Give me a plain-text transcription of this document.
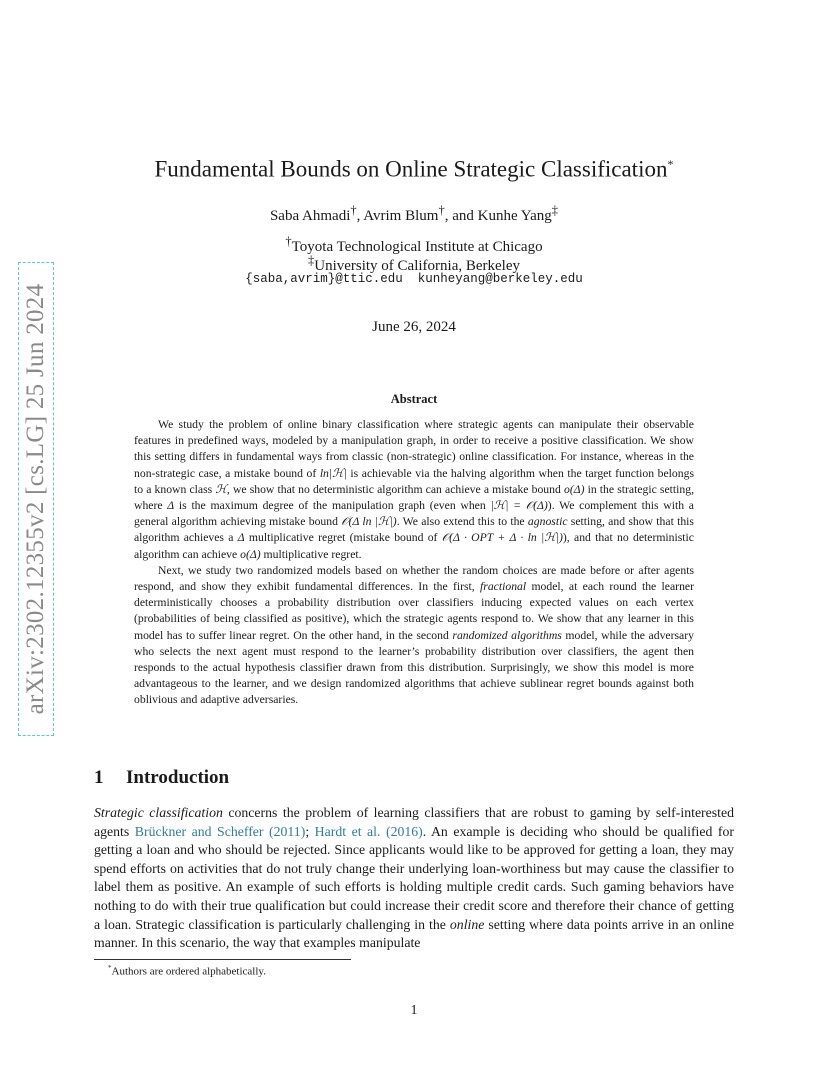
arXiv:2302.12355v2 [cs.LG] 25 Jun 2024
Fundamental Bounds on Online Strategic Classification*
Saba Ahmadi†, Avrim Blum†, and Kunhe Yang‡
†Toyota Technological Institute at Chicago
‡University of California, Berkeley
{saba,avrim}@ttic.edu  kunheyang@berkeley.edu
June 26, 2024
Abstract

We study the problem of online binary classification where strategic agents can manipulate their observable features in predefined ways, modeled by a manipulation graph, in order to receive a positive classification. We show this setting differs in fundamental ways from classic (non-strategic) online classification. For instance, whereas in the non-strategic case, a mistake bound of ln|ℋ| is achievable via the halving algorithm when the target function belongs to a known class ℋ, we show that no deterministic algorithm can achieve a mistake bound o(Δ) in the strategic setting, where Δ is the maximum degree of the manipulation graph (even when |ℋ| = 𝒪(Δ)). We complement this with a general algorithm achieving mistake bound 𝒪(Δ ln |ℋ|). We also extend this to the agnostic setting, and show that this algorithm achieves a Δ multiplicative regret (mistake bound of 𝒪(Δ · OPT + Δ · ln |ℋ|)), and that no deterministic algorithm can achieve o(Δ) multiplicative regret.

Next, we study two randomized models based on whether the random choices are made before or after agents respond, and show they exhibit fundamental differences. In the first, fractional model, at each round the learner deterministically chooses a probability distribution over classifiers inducing expected values on each vertex (probabilities of being classified as positive), which the strategic agents respond to. We show that any learner in this model has to suffer linear regret. On the other hand, in the second randomized algorithms model, while the adversary who selects the next agent must respond to the learner’s probability distribution over classifiers, the agent then responds to the actual hypothesis classifier drawn from this distribution. Surprisingly, we show this model is more advantageous to the learner, and we design randomized algorithms that achieve sublinear regret bounds against both oblivious and adaptive adversaries.

1 Introduction

Strategic classification concerns the problem of learning classifiers that are robust to gaming by self-interested agents Brückner and Scheffer (2011); Hardt et al. (2016). An example is deciding who should be qualified for getting a loan and who should be rejected. Since applicants would like to be approved for getting a loan, they may spend efforts on activities that do not truly change their underlying loan-worthiness but may cause the classifier to label them as positive. An example of such efforts is holding multiple credit cards. Such gaming behaviors have nothing to do with their true qualification but could increase their credit score and therefore their chance of getting a loan. Strategic classification is particularly challenging in the online setting where data points arrive in an online manner. In this scenario, the way that examples manipulate

*Authors are ordered alphabetically.
1
